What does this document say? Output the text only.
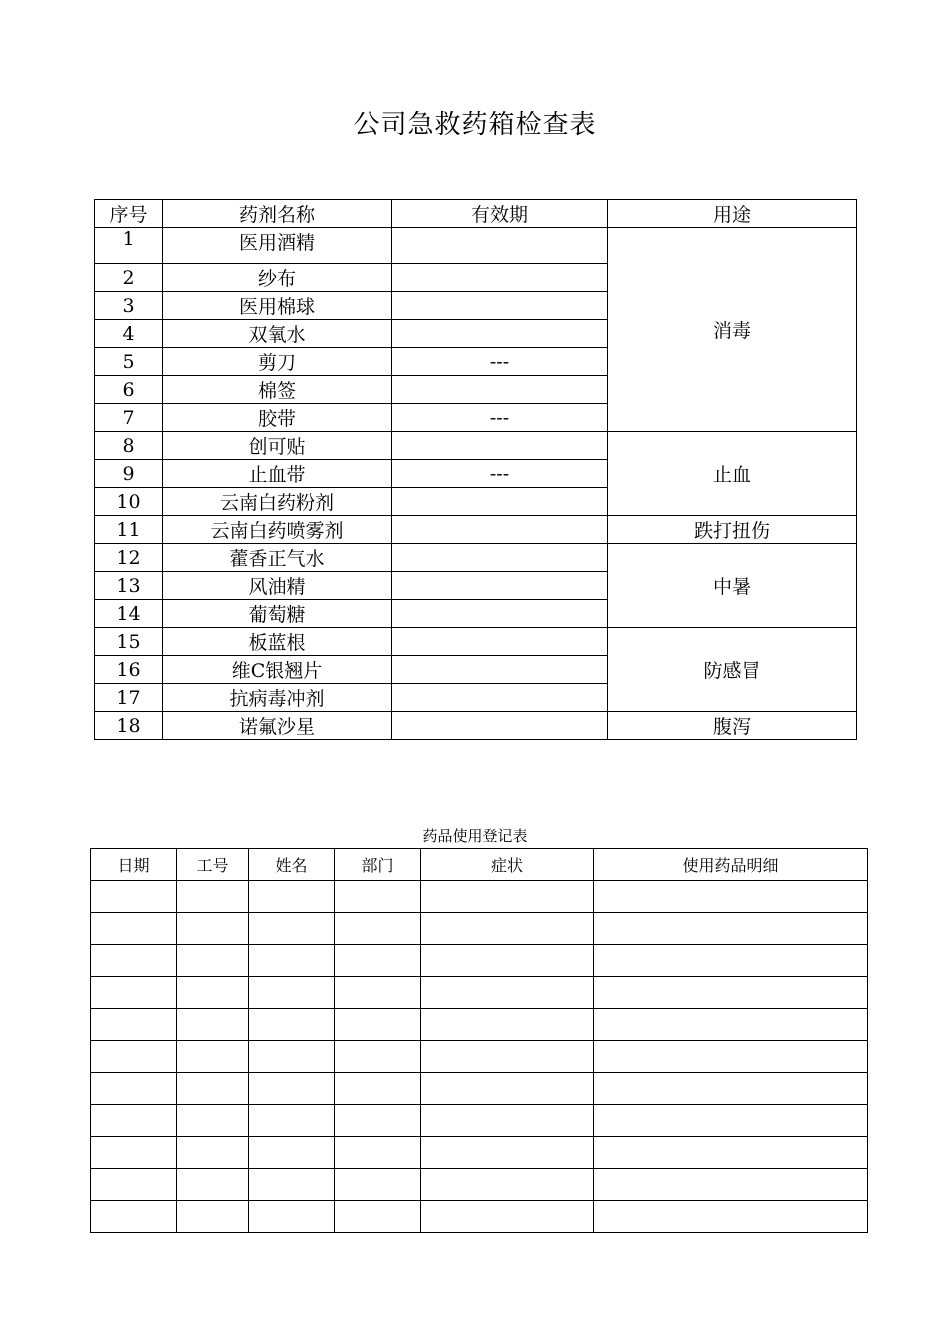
公司急救药箱检查表
序号	药剂名称	有效期	用途
1	医用酒精		消毒
2	纱布		
3	医用棉球		
4	双氧水		
5	剪刀	---	
6	棉签		
7	胶带	---	
8	创可贴		止血
9	止血带	---	
10	云南白药粉剂		
11	云南白药喷雾剂		跌打扭伤
12	藿香正气水		中暑
13	风油精		
14	葡萄糖		
15	板蓝根		防感冒
16	维C银翘片		
17	抗病毒冲剂		
18	诺氟沙星		腹泻
药品使用登记表
日期	工号	姓名	部门	症状	使用药品明细
